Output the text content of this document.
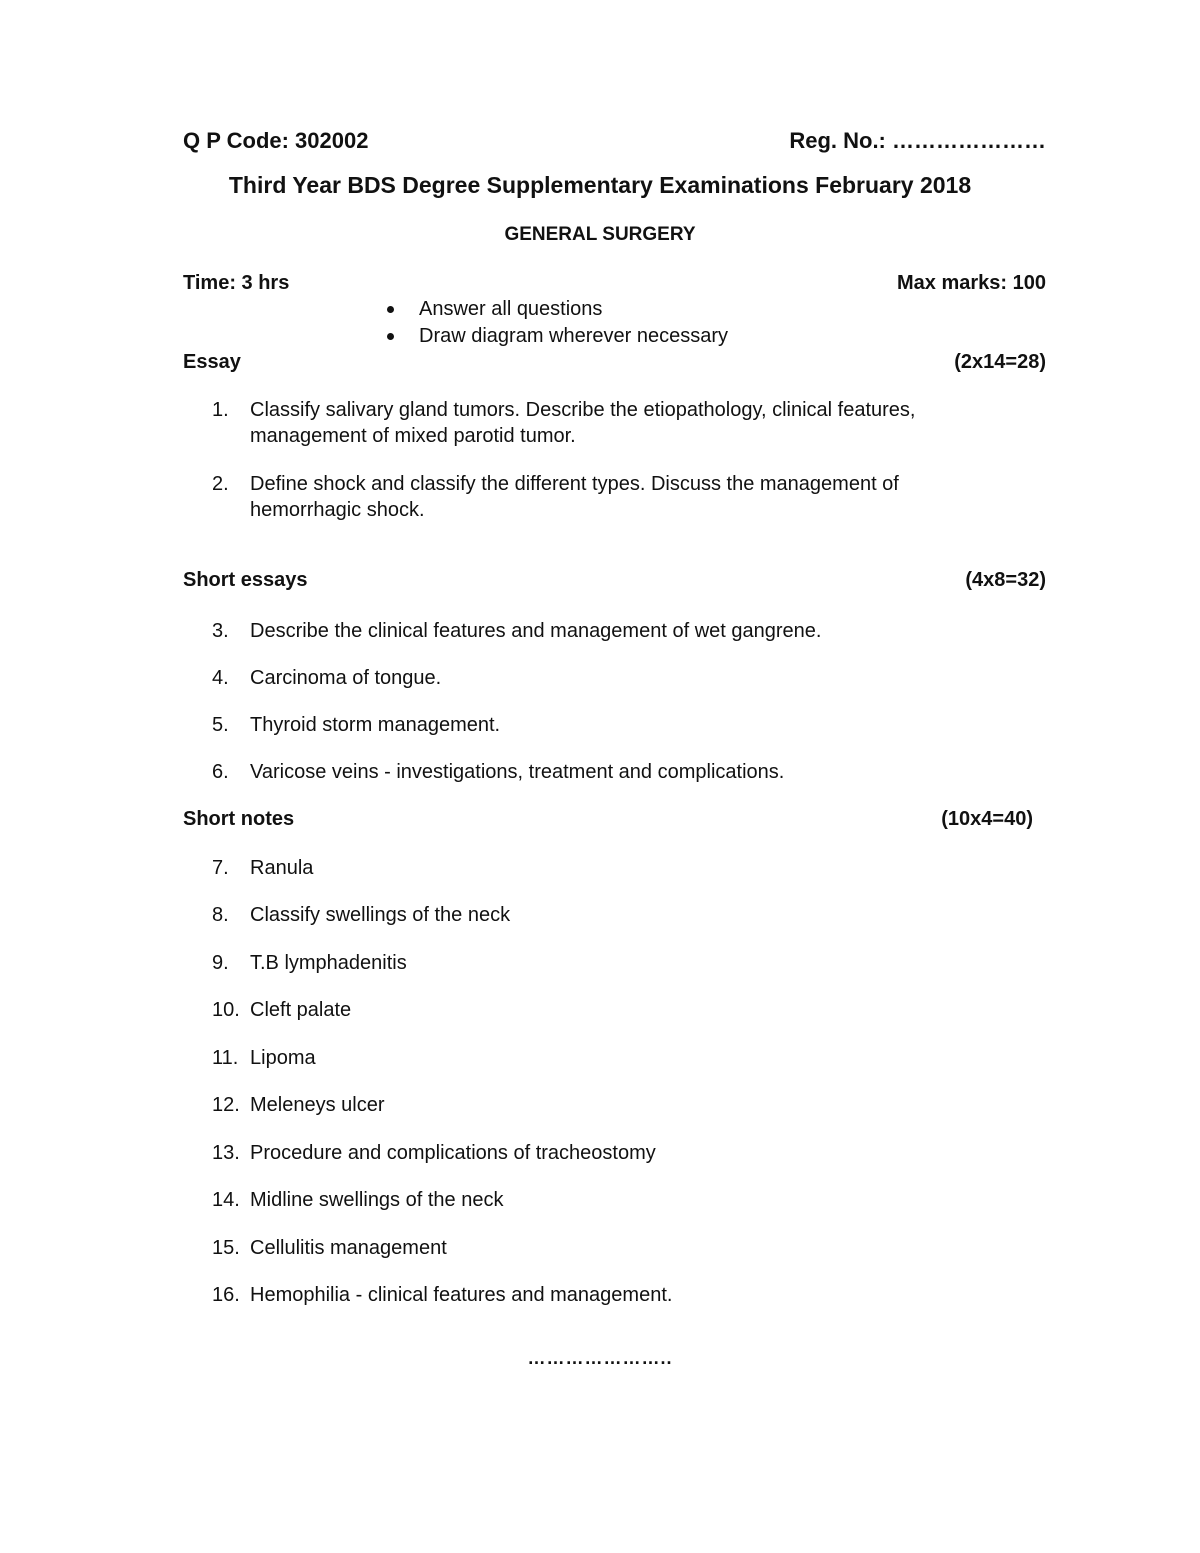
Q P Code: 302002	Reg. No.: …………………
Third Year BDS Degree Supplementary Examinations February 2018
GENERAL SURGERY
Time: 3 hrs	Max marks: 100
Answer all questions
Draw diagram wherever necessary
Essay	(2x14=28)
1.	Classify salivary gland tumors. Describe the etiopathology, clinical features, management of mixed parotid tumor.
2.	Define shock and classify the different types. Discuss the management of hemorrhagic shock.
Short essays	(4x8=32)
3.	Describe the clinical features and management of wet gangrene.
4.	Carcinoma of tongue.
5.	Thyroid storm management.
6.	Varicose veins - investigations, treatment and complications.
Short notes	(10x4=40)
7.	Ranula
8.	Classify swellings of the neck
9.	T.B lymphadenitis
10. Cleft palate
11. Lipoma
12. Meleneys ulcer
13. Procedure and complications of tracheostomy
14. Midline swellings of the neck
15. Cellulitis management
16. Hemophilia - clinical features and management.
…………………..
